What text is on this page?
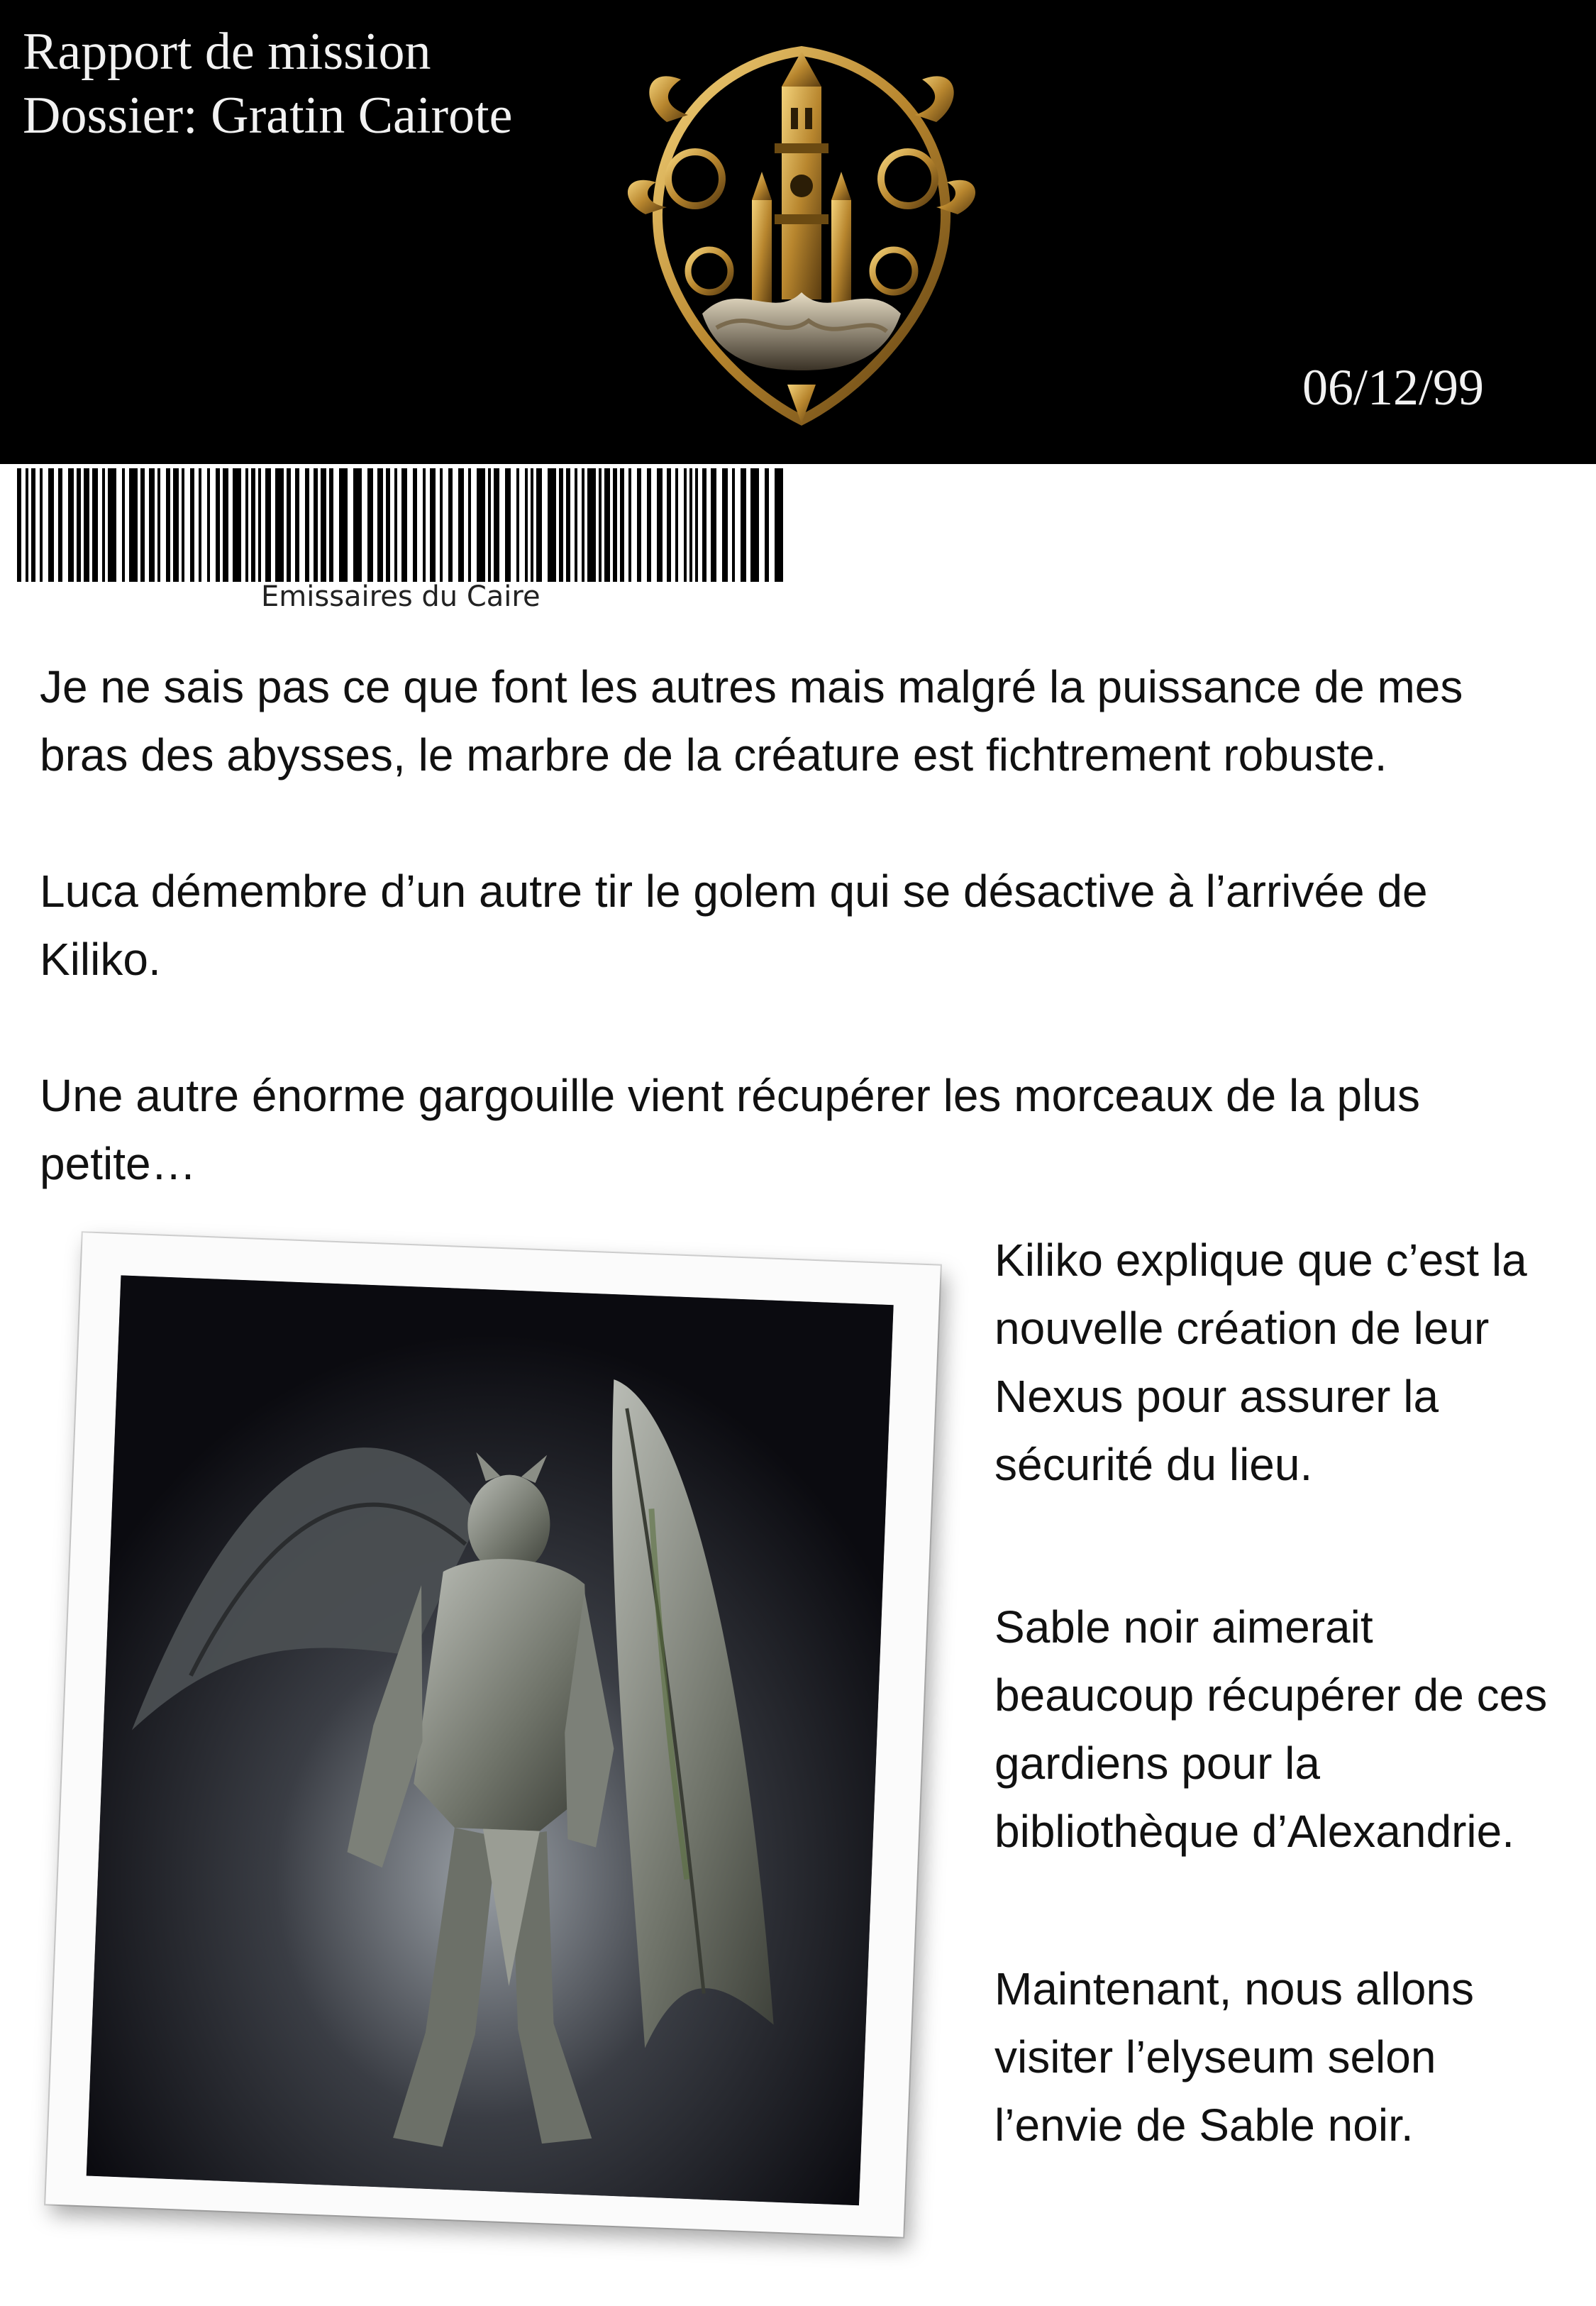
Rapport de mission
Dossier: Gratin Cairote
06/12/99
Emissaires du Caire

Je ne sais pas ce que font les autres mais malgré la puissance de mes bras des abysses, le marbre de la créature est fichtrement robuste.

Luca démembre d’un autre tir le golem qui se désactive à l’arrivée de Kiliko.

Une autre énorme gargouille vient récupérer les morceaux de la plus petite…

Kiliko explique que c’est la nouvelle création de leur Nexus pour assurer la sécurité du lieu.

Sable noir aimerait beaucoup récupérer de ces gardiens pour la bibliothèque d’Alexandrie.

Maintenant, nous allons visiter l’elyseum selon l’envie de Sable noir.
